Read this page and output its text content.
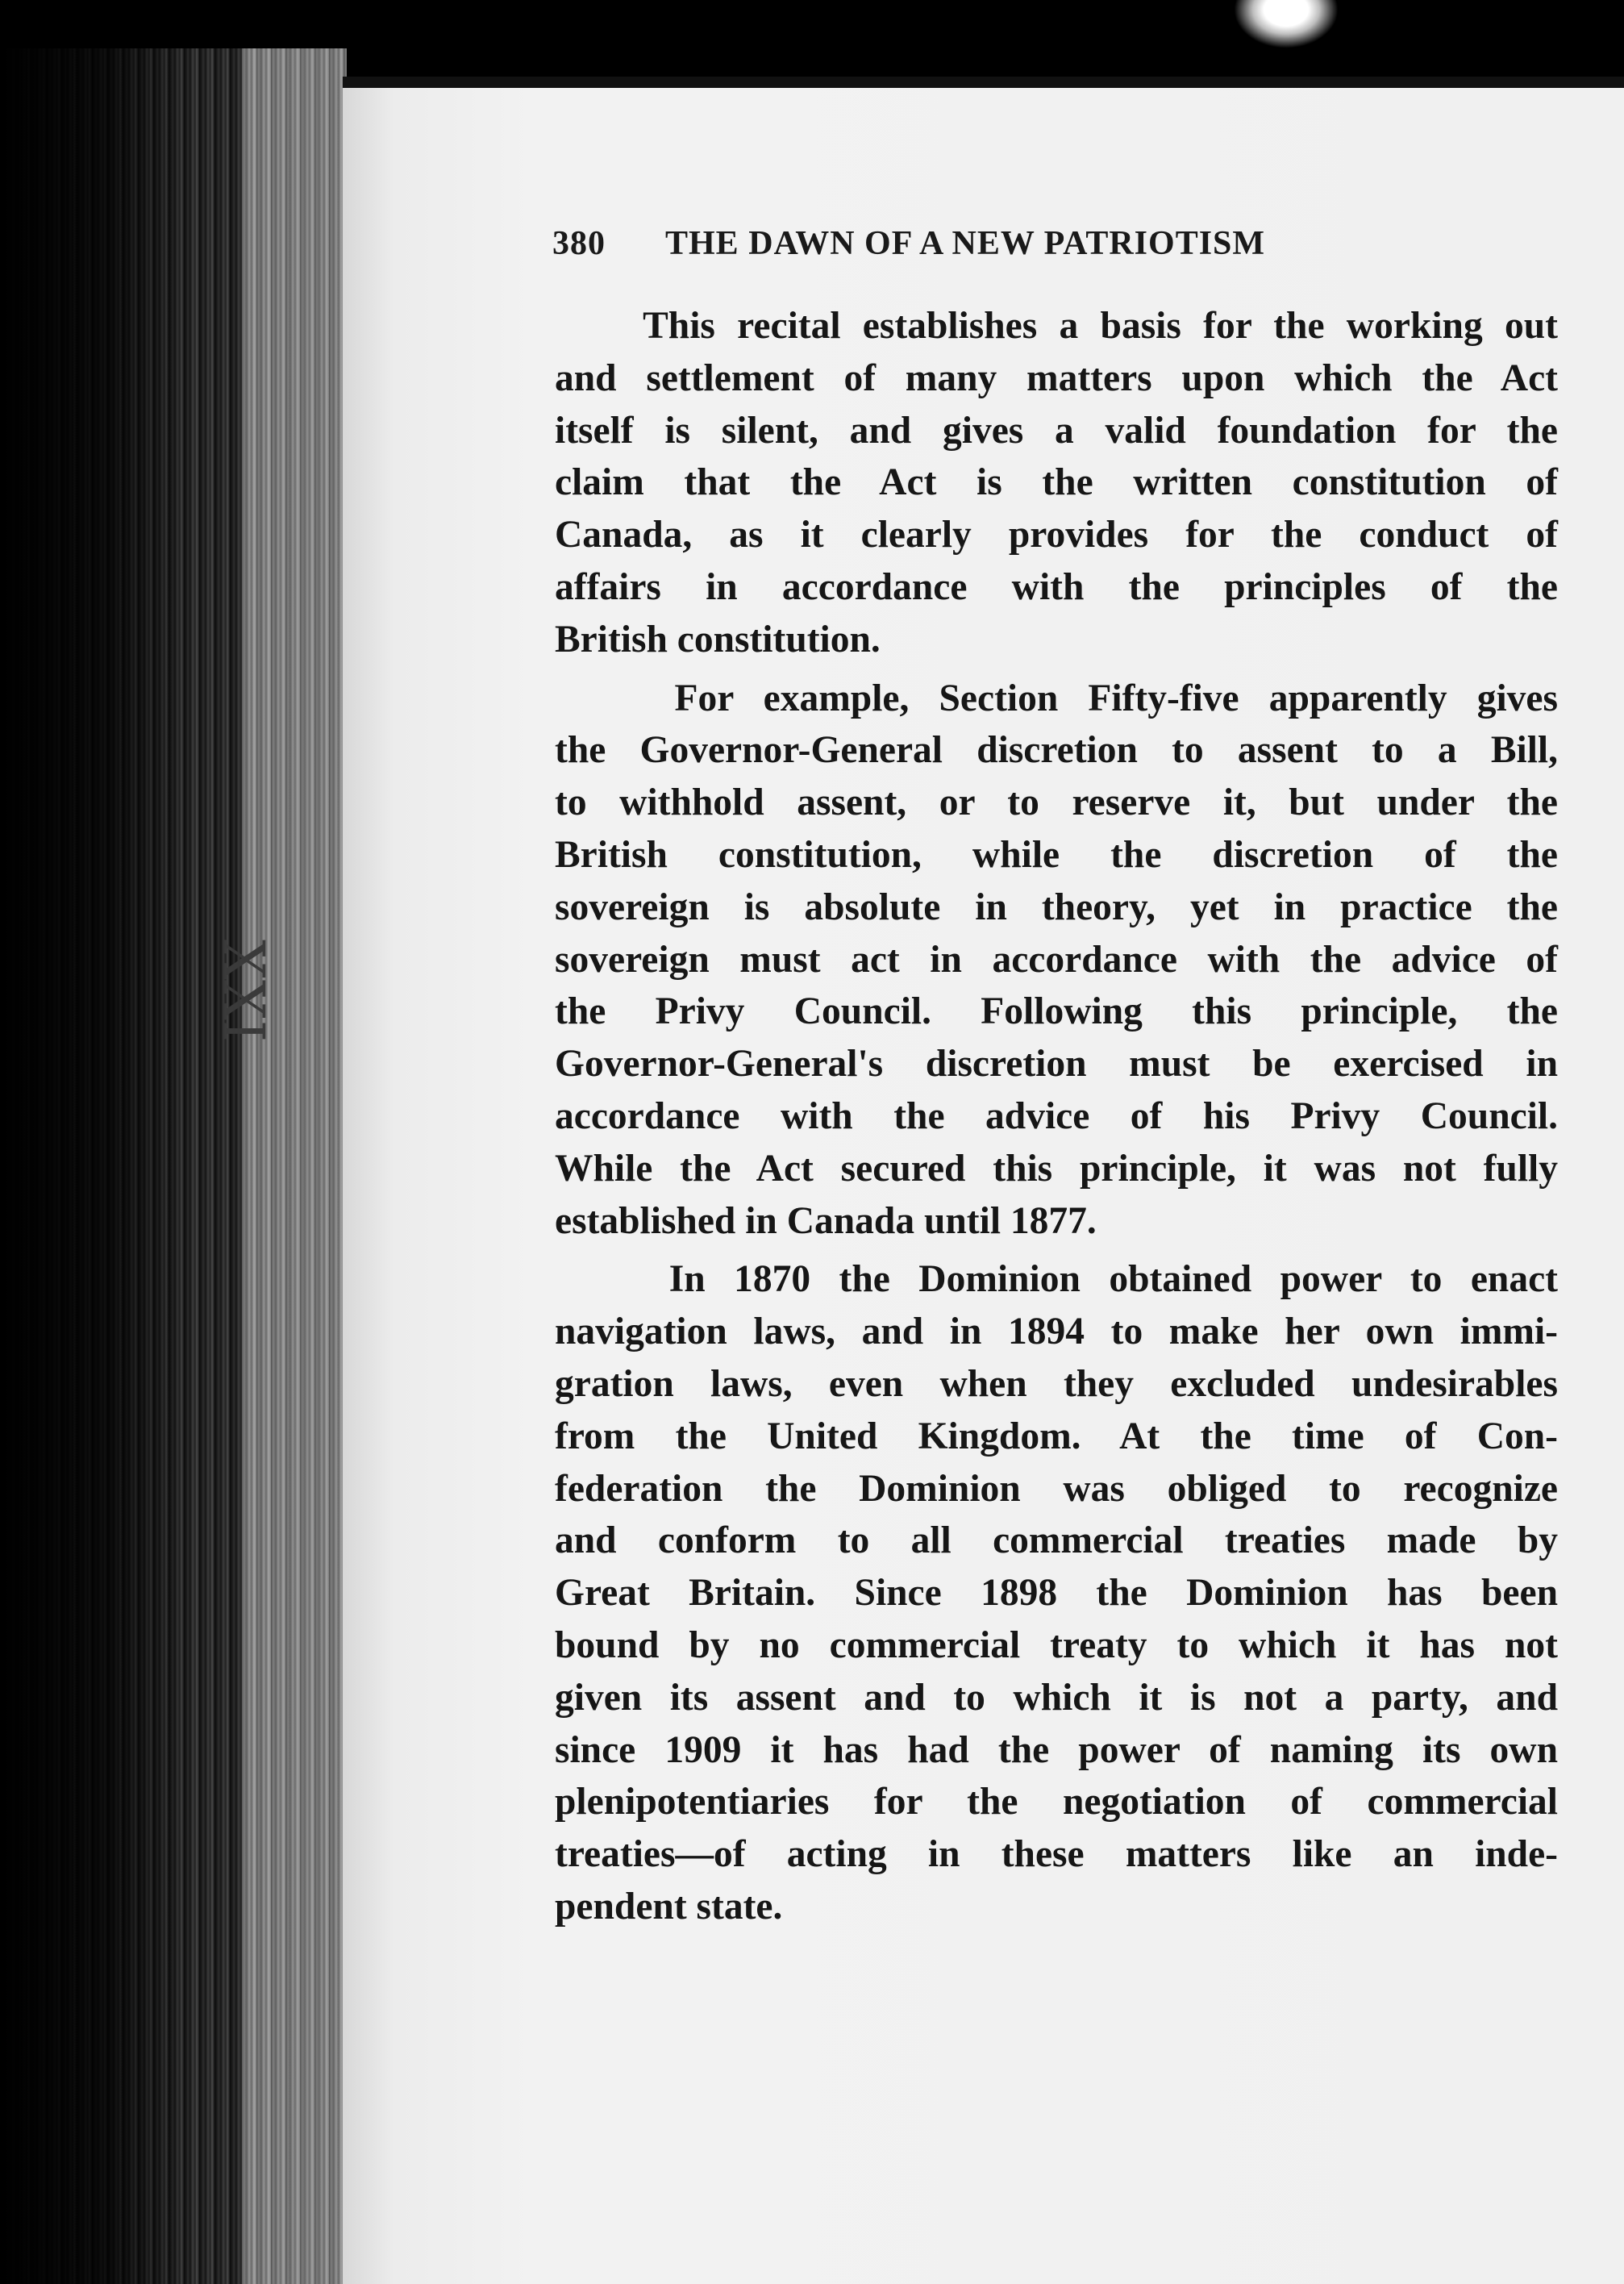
XXI
380 THE DAWN OF A NEW PATRIOTISM
This recital establishes a basis for the working out
and settlement of many matters upon which the Act
itself is silent, and gives a valid foundation for the
claim that the Act is the written constitution of
Canada, as it clearly provides for the conduct of
affairs in accordance with the principles of the
British constitution.
For example, Section Fifty-five apparently gives
the Governor-General discretion to assent to a Bill,
to withhold assent, or to reserve it, but under the
British constitution, while the discretion of the
sovereign is absolute in theory, yet in practice the
sovereign must act in accordance with the advice of
the Privy Council. Following this principle, the
Governor-General's discretion must be exercised in
accordance with the advice of his Privy Council.
While the Act secured this principle, it was not fully
established in Canada until 1877.
In 1870 the Dominion obtained power to enact
navigation laws, and in 1894 to make her own immi-
gration laws, even when they excluded undesirables
from the United Kingdom. At the time of Con-
federation the Dominion was obliged to recognize
and conform to all commercial treaties made by
Great Britain. Since 1898 the Dominion has been
bound by no commercial treaty to which it has not
given its assent and to which it is not a party, and
since 1909 it has had the power of naming its own
plenipotentiaries for the negotiation of commercial
treaties—of acting in these matters like an inde-
pendent state.
